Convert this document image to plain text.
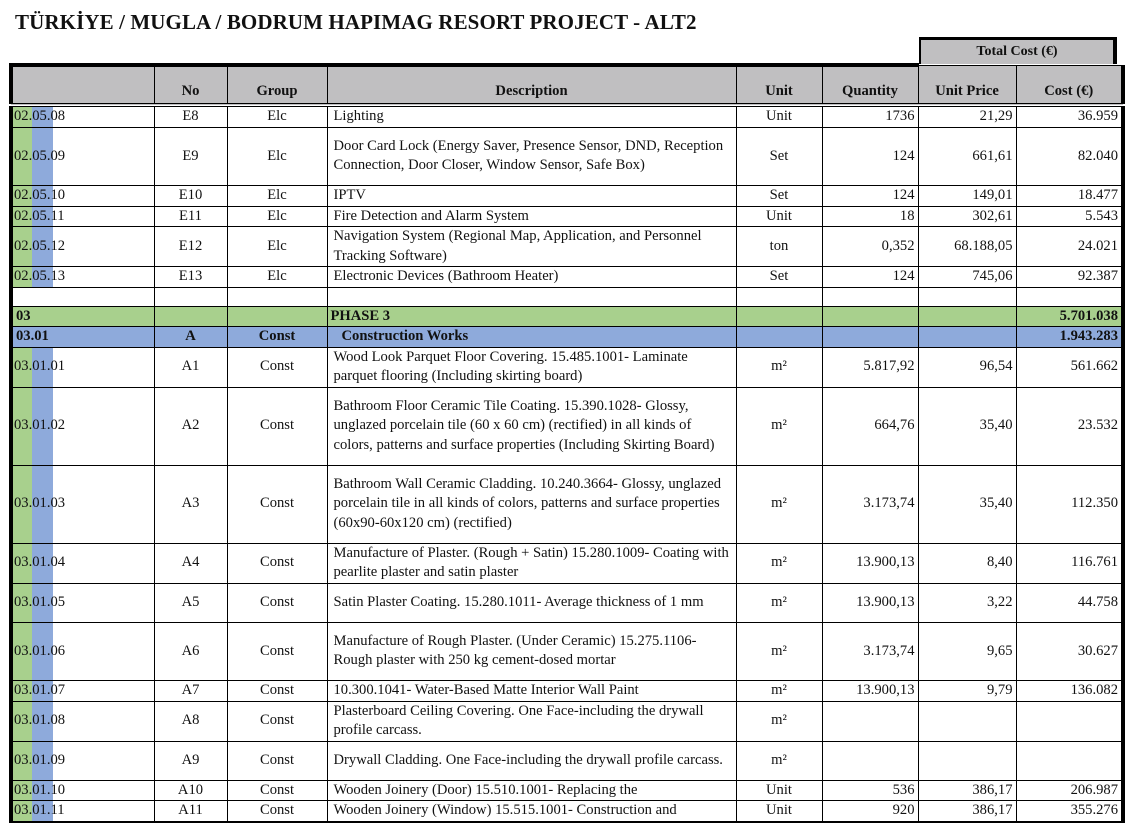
TÜRKİYE / MUGLA / BODRUM HAPIMAG RESORT PROJECT - ALT2
Total Cost (€)
	No	Group	Description	Unit	Quantity	Unit Price	Cost (€)

02.05.08	E8	Elc	Lighting	Unit	1736	21,29	36.959

02.05.09	E9	Elc	Door Card Lock (Energy Saver, Presence Sensor, DND, Reception Connection, Door Closer, Window Sensor, Safe Box)	Set	124	661,61	82.040

02.05.10	E10	Elc	IPTV	Set	124	149,01	18.477

02.05.11	E11	Elc	Fire Detection and Alarm System	Unit	18	302,61	5.543

02.05.12	E12	Elc	Navigation System (Regional Map, Application, and Personnel Tracking Software)	ton	0,352	68.188,05	24.021

02.05.13	E13	Elc	Electronic Devices (Bathroom Heater)	Set	124	745,06	92.387

03			PHASE 3				5.701.038
03.01	A	Const	Construction Works				1.943.283

03.01.01	A1	Const	Wood Look Parquet Floor Covering. 15.485.1001- Laminate parquet flooring (Including skirting board)	m²	5.817,92	96,54	561.662

03.01.02	A2	Const	Bathroom Floor Ceramic Tile Coating. 15.390.1028- Glossy, unglazed porcelain tile (60 x 60 cm) (rectified) in all kinds of colors, patterns and surface properties (Including Skirting Board)	m²	664,76	35,40	23.532

03.01.03	A3	Const	Bathroom Wall Ceramic Cladding. 10.240.3664- Glossy, unglazed porcelain tile in all kinds of colors, patterns and surface properties (60x90-60x120 cm) (rectified)	m²	3.173,74	35,40	112.350

03.01.04	A4	Const	Manufacture of Plaster. (Rough + Satin) 15.280.1009- Coating with pearlite plaster and satin plaster	m²	13.900,13	8,40	116.761

03.01.05	A5	Const	Satin Plaster Coating. 15.280.1011- Average thickness of 1 mm	m²	13.900,13	3,22	44.758

03.01.06	A6	Const	Manufacture of Rough Plaster. (Under Ceramic) 15.275.1106- Rough plaster with 250 kg cement-dosed mortar	m²	3.173,74	9,65	30.627

03.01.07	A7	Const	10.300.1041- Water-Based Matte Interior Wall Paint	m²	13.900,13	9,79	136.082

03.01.08	A8	Const	Plasterboard Ceiling Covering. One Face-including the drywall profile carcass.	m²			

03.01.09	A9	Const	Drywall Cladding. One Face-including the drywall profile carcass.	m²			

03.01.10	A10	Const	Wooden Joinery (Door) 15.510.1001- Replacing the	Unit	536	386,17	206.987

03.01.11	A11	Const	Wooden Joinery (Window) 15.515.1001- Construction and	Unit	920	386,17	355.276
